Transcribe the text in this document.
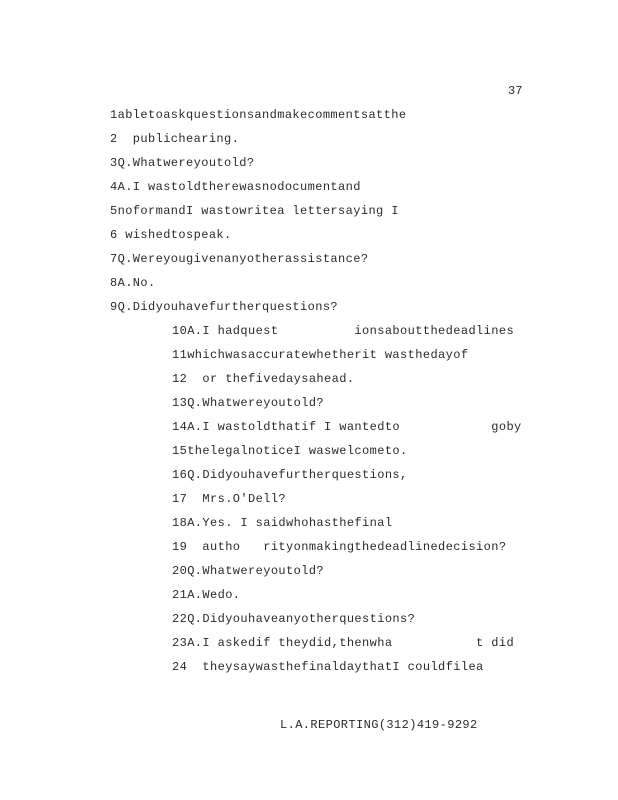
37
1abletoaskquestionsandmakecommentsatthe
2  publichearing.
3Q.Whatwereyoutold?
4A.I wastoldtherewasnodocumentand
5noformandI wastowritea lettersaying I
6 wishedtospeak.
7Q.Wereyougivenanyotherassistance?
8A.No.
9Q.Didyouhavefurtherquestions?
10A.I hadquest          ionsaboutthedeadlines
11whichwasaccuratewhetherit wasthedayof
12  or thefivedaysahead.
13Q.Whatwereyoutold?
14A.I wastoldthatif I wantedto            goby
15thelegalnoticeI waswelcometo.
16Q.Didyouhavefurtherquestions,
17  Mrs.O'Dell?
18A.Yes. I saidwhohasthefinal
19  autho   rityonmakingthedeadlinedecision?
20Q.Whatwereyoutold?
21A.Wedo.
22Q.Didyouhaveanyotherquestions?
23A.I askedif theydid,thenwha           t did
24  theysaywasthefinaldaythatI couldfilea
L.A.REPORTING(312)419-9292
